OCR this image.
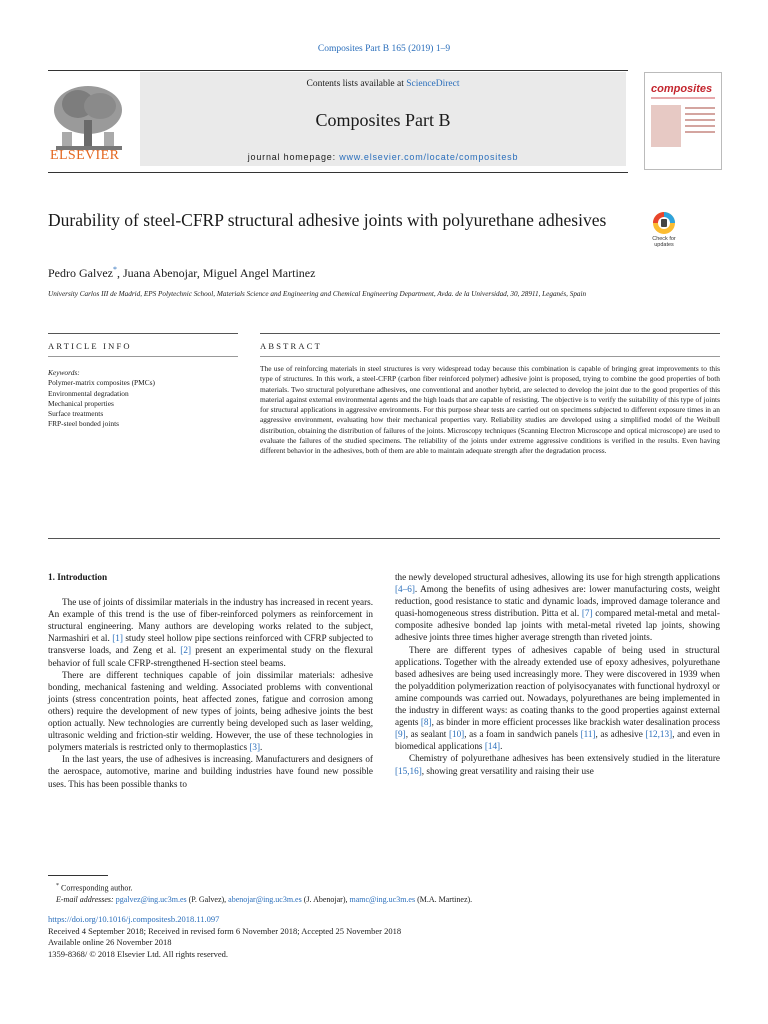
Composites Part B 165 (2019) 1–9
ELSEVIER
Contents lists available at ScienceDirect
Composites Part B
journal homepage: www.elsevier.com/locate/compositesb
composites
Durability of steel-CFRP structural adhesive joints with polyurethane adhesives
Check for updates
Pedro Galvez*, Juana Abenojar, Miguel Angel Martinez
University Carlos III de Madrid, EPS Polytechnic School, Materials Science and Engineering and Chemical Engineering Department, Avda. de la Universidad, 30, 28911, Leganés, Spain
ARTICLE INFO	ABSTRACT
Keywords:
Polymer-matrix composites (PMCs)
Environmental degradation
Mechanical properties
Surface treatments
FRP-steel bonded joints
The use of reinforcing materials in steel structures is very widespread today because this combination is capable of bringing great improvements to this type of structures. In this work, a steel-CFRP (carbon fiber reinforced polymer) adhesive joint is proposed, trying to combine the good properties of both materials. Two structural polyurethane adhesives, one conventional and another hybrid, are selected to develop the joint due to the good properties of this material against external environmental agents and the high loads that are capable of resisting. The objective is to verify the suitability of this type of joints for structural applications in aggressive environments. For this purpose shear tests are carried out on specimens subjected to different exposure times in an aggressive environment, evaluating how their mechanical properties vary. Reliability studies are developed using a simplified model of the Weibull distribution, obtaining the distribution of failures of the joints. Microscopy techniques (Scanning Electron Microscope and optical microscope) are used to evaluate the failures of the studied specimens. The reliability of the joints under extreme aggressive conditions is verified in the results. Even having different behavior in the adhesives, both of them are able to maintain adequate strength after the degradation process.
1. Introduction

The use of joints of dissimilar materials in the industry has increased in recent years. An example of this trend is the use of fiber-reinforced polymers as reinforcement in structural engineering. Many authors are developing works related to the subject, Narmashiri et al. [1] study steel hollow pipe sections reinforced with CFRP subjected to transverse loads, and Zeng et al. [2] present an experimental study on the flexural behavior of full scale CFRP-strengthened H-section steel beams.

There are different techniques capable of join dissimilar materials: adhesive bonding, mechanical fastening and welding. Associated problems with conventional joints (stress concentration points, heat affected zones, fatigue and corrosion among others) require the development of new types of joints, being adhesive joints the best option actually. New technologies are currently being developed such as laser welding, ultrasonic welding and friction-stir welding. However, the use of these technologies in polymers materials is restricted only to thermoplastics [3].

In the last years, the use of adhesives is increasing. Manufacturers and designers of the aerospace, automotive, marine and building industries have found new possible uses. This has been possible thanks to

the newly developed structural adhesives, allowing its use for high strength applications [4–6]. Among the benefits of using adhesives are: lower manufacturing costs, weight reduction, good resistance to static and dynamic loads, improved damage tolerance and quasi-homogeneous stress distribution. Pitta et al. [7] compared metal-metal and metal-composite adhesive bonded lap joints with metal-metal riveted lap joints, showing adhesive joints three times higher average strength than riveted joints.

There are different types of adhesives capable of being used in structural applications. Together with the already extended use of epoxy adhesives, polyurethane based adhesives are being used increasingly more. They were discovered in 1939 when the polyaddition polymerization reaction of polyisocyanates with functional hydroxyl or amine compounds was carried out. Nowadays, polyurethanes are being implemented in the industry in different ways: as coating thanks to the good properties against external agents [8], as binder in more efficient processes like brackish water desalination process [9], as sealant [10], as a foam in sandwich panels [11], as adhesive [12,13], and even in biomedical applications [14].

Chemistry of polyurethane adhesives has been extensively studied in the literature [15,16], showing great versatility and raising their use

* Corresponding author.
E-mail addresses: pgalvez@ing.uc3m.es (P. Galvez), abenojar@ing.uc3m.es (J. Abenojar), mamc@ing.uc3m.es (M.A. Martinez).
https://doi.org/10.1016/j.compositesb.2018.11.097
Received 4 September 2018; Received in revised form 6 November 2018; Accepted 25 November 2018
Available online 26 November 2018
1359-8368/ © 2018 Elsevier Ltd. All rights reserved.
